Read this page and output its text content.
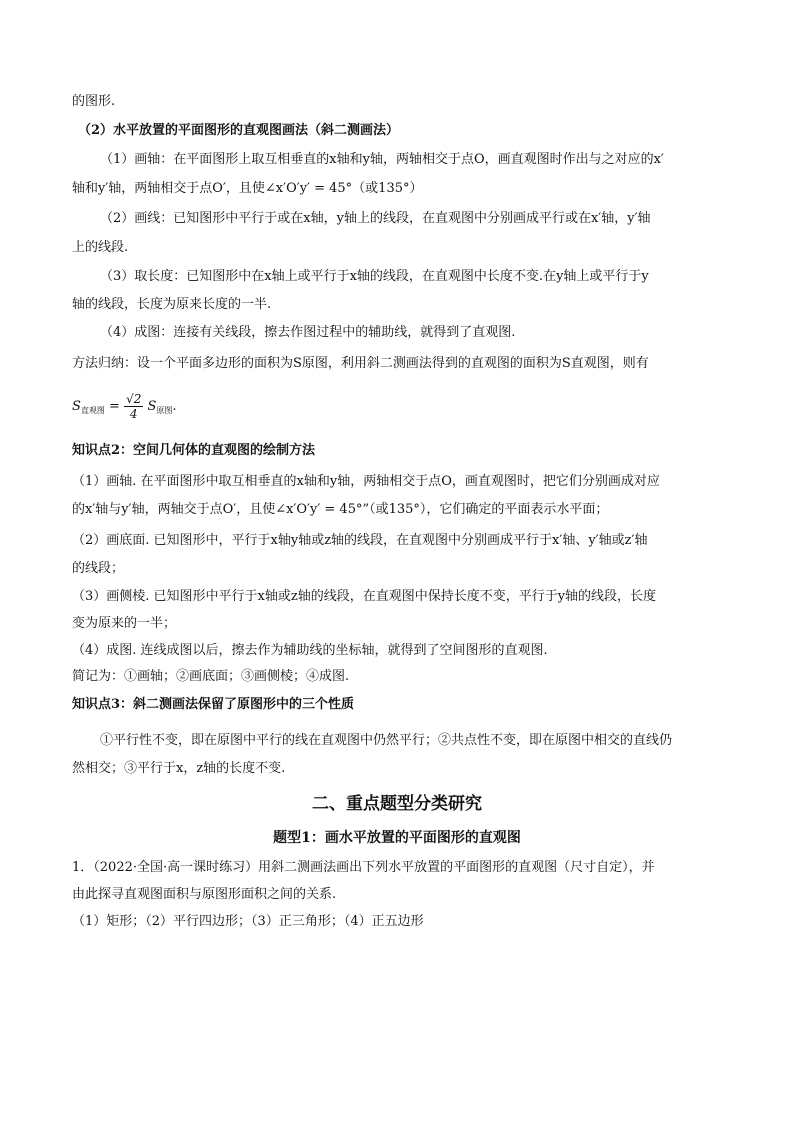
的图形.
（2）水平放置的平面图形的直观图画法（斜二测画法）
（1）画轴：在平面图形上取互相垂直的x轴和y轴，两轴相交于点O，画直观图时作出与之对应的x′
轴和y′轴，两轴相交于点O′，且使∠x′O′y′ = 45°（或135°）
（2）画线：已知图形中平行于或在x轴，y轴上的线段，在直观图中分别画成平行或在x′轴，y′轴
上的线段.
（3）取长度：已知图形中在x轴上或平行于x轴的线段，在直观图中长度不变.在y轴上或平行于y
轴的线段，长度为原来长度的一半.
（4）成图：连接有关线段，擦去作图过程中的辅助线，就得到了直观图.
方法归纳：设一个平面多边形的面积为S原图，利用斜二测画法得到的直观图的面积为S直观图，则有
$S_{直观图} = \frac{√2}{4} S_{原图}$.
知识点2：空间几何体的直观图的绘制方法
（1）画轴. 在平面图形中取互相垂直的x轴和y轴，两轴相交于点O，画直观图时，把它们分别画成对应
的x′轴与y′轴，两轴交于点O′，且使∠x′O′y′ = 45°”（或135°），它们确定的平面表示水平面；
（2）画底面. 已知图形中，平行于x轴y轴或z轴的线段，在直观图中分别画成平行于x′轴、y′轴或z′轴
的线段；
（3）画侧棱. 已知图形中平行于x轴或z轴的线段，在直观图中保持长度不变，平行于y轴的线段，长度
变为原来的一半；
（4）成图. 连线成图以后，擦去作为辅助线的坐标轴，就得到了空间图形的直观图.
简记为：①画轴；②画底面；③画侧棱；④成图.
知识点3：斜二测画法保留了原图形中的三个性质
①平行性不变，即在原图中平行的线在直观图中仍然平行；②共点性不变，即在原图中相交的直线仍
然相交；③平行于x，z轴的长度不变.
二、重点题型分类研究
题型1：画水平放置的平面图形的直观图
1．（2022·全国·高一课时练习）用斜二测画法画出下列水平放置的平面图形的直观图（尺寸自定），并
由此探寻直观图面积与原图形面积之间的关系.
（1）矩形；（2）平行四边形；（3）正三角形；（4）正五边形
